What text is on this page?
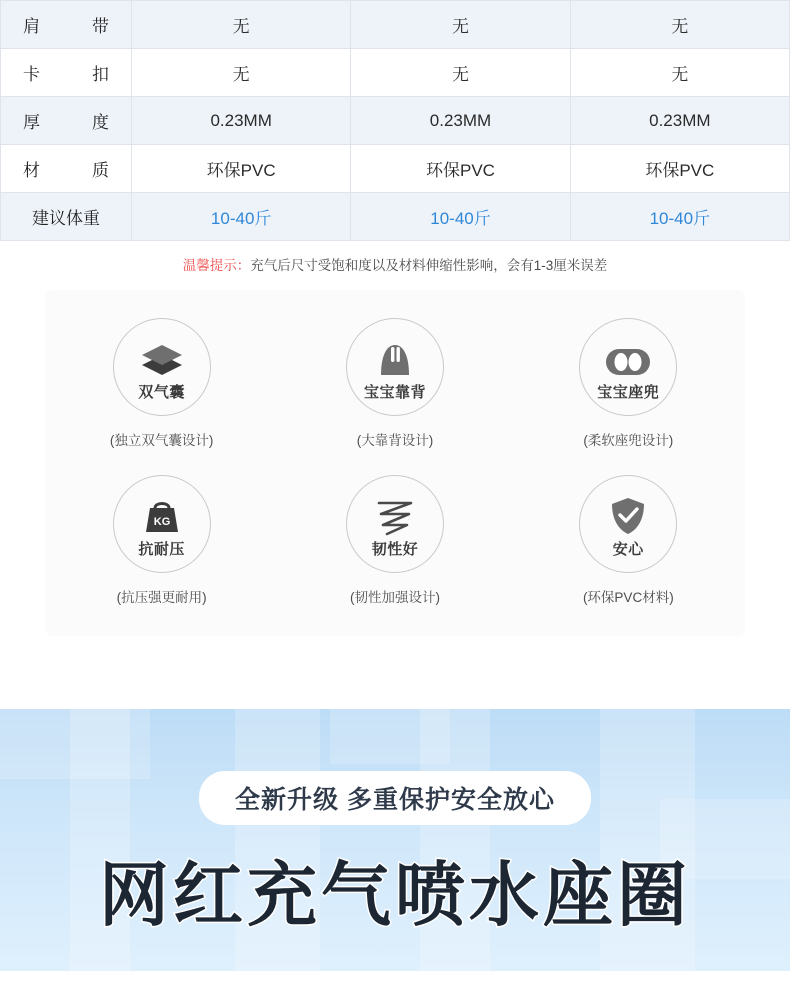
肩带	无	无	无
卡扣	无	无	无
厚度	0.23MM	0.23MM	0.23MM
材质	环保PVC	环保PVC	环保PVC
建议体重	10-40斤	10-40斤	10-40斤
温馨提示：充气后尺寸受饱和度以及材料伸缩性影响，会有1-3厘米误差
双气囊
(独立双气囊设计)
宝宝靠背
(大靠背设计)
宝宝座兜
(柔软座兜设计)
KG
抗耐压
(抗压强更耐用)
韧性好
(韧性加强设计)
安心
(环保PVC材料)
全新升级 多重保护安全放心
网红充气喷水座圈
